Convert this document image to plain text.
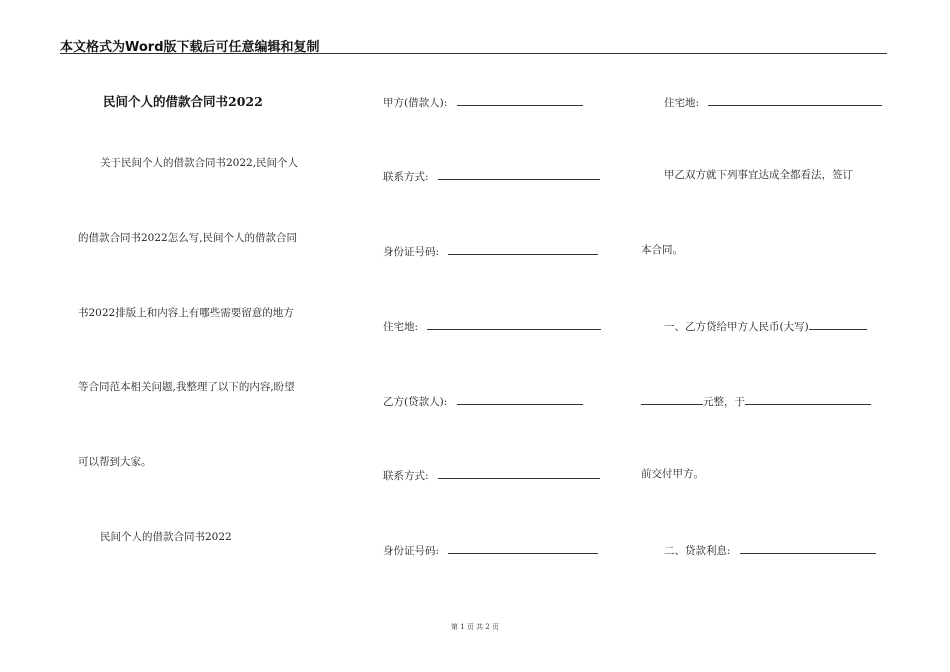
本文格式为Word版下载后可任意编辑和复制
民间个人的借款合同书2022
关于民间个人的借款合同书2022,民间个人
的借款合同书2022怎么写,民间个人的借款合同
书2022排版上和内容上有哪些需要留意的地方
等合同范本相关问题,我整理了以下的内容,盼望
可以帮到大家。
民间个人的借款合同书2022
甲方(借款人):
联系方式:
身份证号码:
住宅地:
乙方(贷款人):
联系方式:
身份证号码:
住宅地:
甲乙双方就下列事宜达成全都看法，签订
本合同。
一、乙方贷给甲方人民币(大写)
元整，于
前交付甲方。
二、贷款利息:
第 1 页 共 2 页
